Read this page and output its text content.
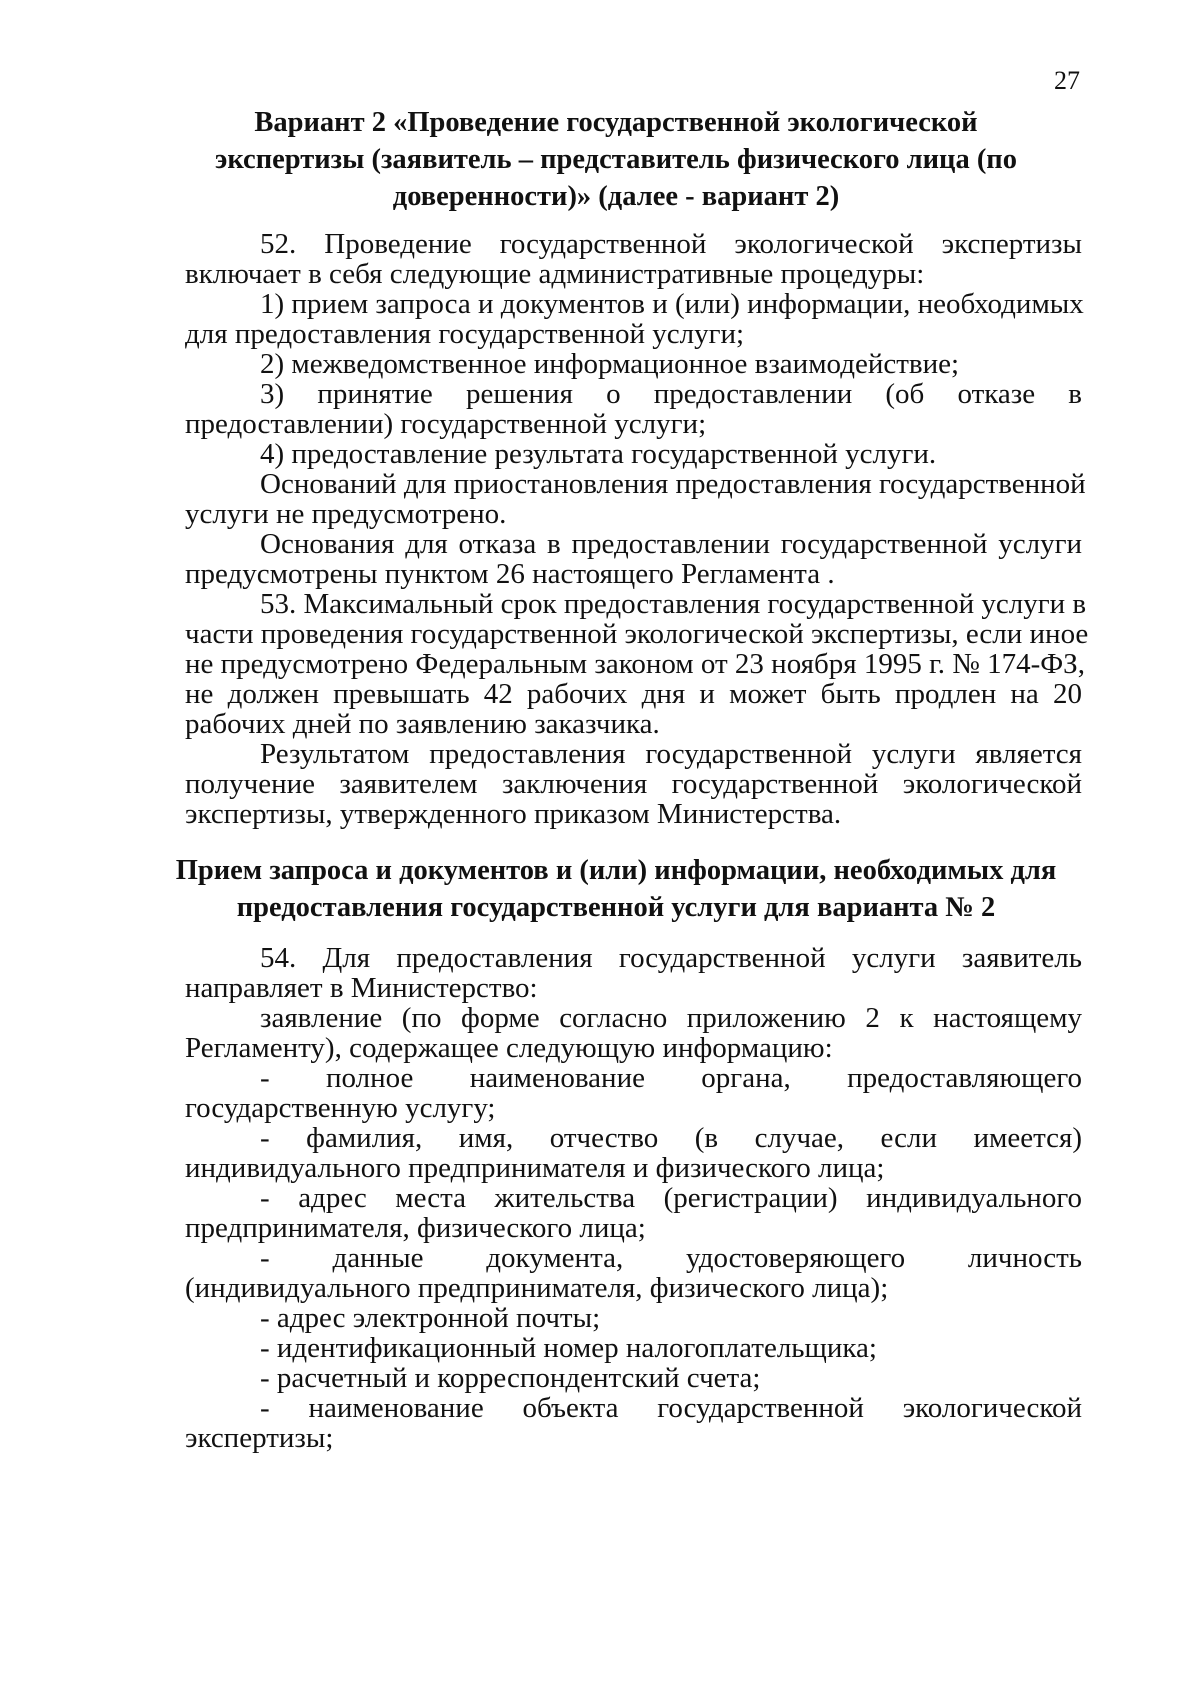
27
Вариант 2 «Проведение государственной экологической
экспертизы (заявитель – представитель физического лица (по
доверенности)» (далее - вариант 2)
52. Проведение государственной экологической экспертизы
включает в себя следующие административные процедуры:
1) прием запроса и документов и (или) информации, необходимых
для предоставления государственной услуги;
2) межведомственное информационное взаимодействие;
3) принятие решения о предоставлении (об отказе в
предоставлении) государственной услуги;
4) предоставление результата государственной услуги.
Оснований для приостановления предоставления государственной
услуги не предусмотрено.
Основания для отказа в предоставлении государственной услуги
предусмотрены пунктом 26 настоящего Регламента .
53. Максимальный срок предоставления государственной услуги в
части проведения государственной экологической экспертизы, если иное
не предусмотрено Федеральным законом от 23 ноября 1995 г. № 174-ФЗ,
не должен превышать 42 рабочих дня и может быть продлен на 20
рабочих дней по заявлению заказчика.
Результатом предоставления государственной услуги является
получение заявителем заключения государственной экологической
экспертизы, утвержденного приказом Министерства.
Прием запроса и документов и (или) информации, необходимых для
предоставления государственной услуги для варианта № 2
54. Для предоставления государственной услуги заявитель
направляет в Министерство:
заявление (по форме согласно приложению 2 к настоящему
Регламенту), содержащее следующую информацию:
- полное наименование органа, предоставляющего
государственную услугу;
- фамилия, имя, отчество (в случае, если имеется)
индивидуального предпринимателя и физического лица;
- адрес места жительства (регистрации) индивидуального
предпринимателя, физического лица;
- данные документа, удостоверяющего личность
(индивидуального предпринимателя, физического лица);
- адрес электронной почты;
- идентификационный номер налогоплательщика;
- расчетный и корреспондентский счета;
- наименование объекта государственной экологической
экспертизы;
